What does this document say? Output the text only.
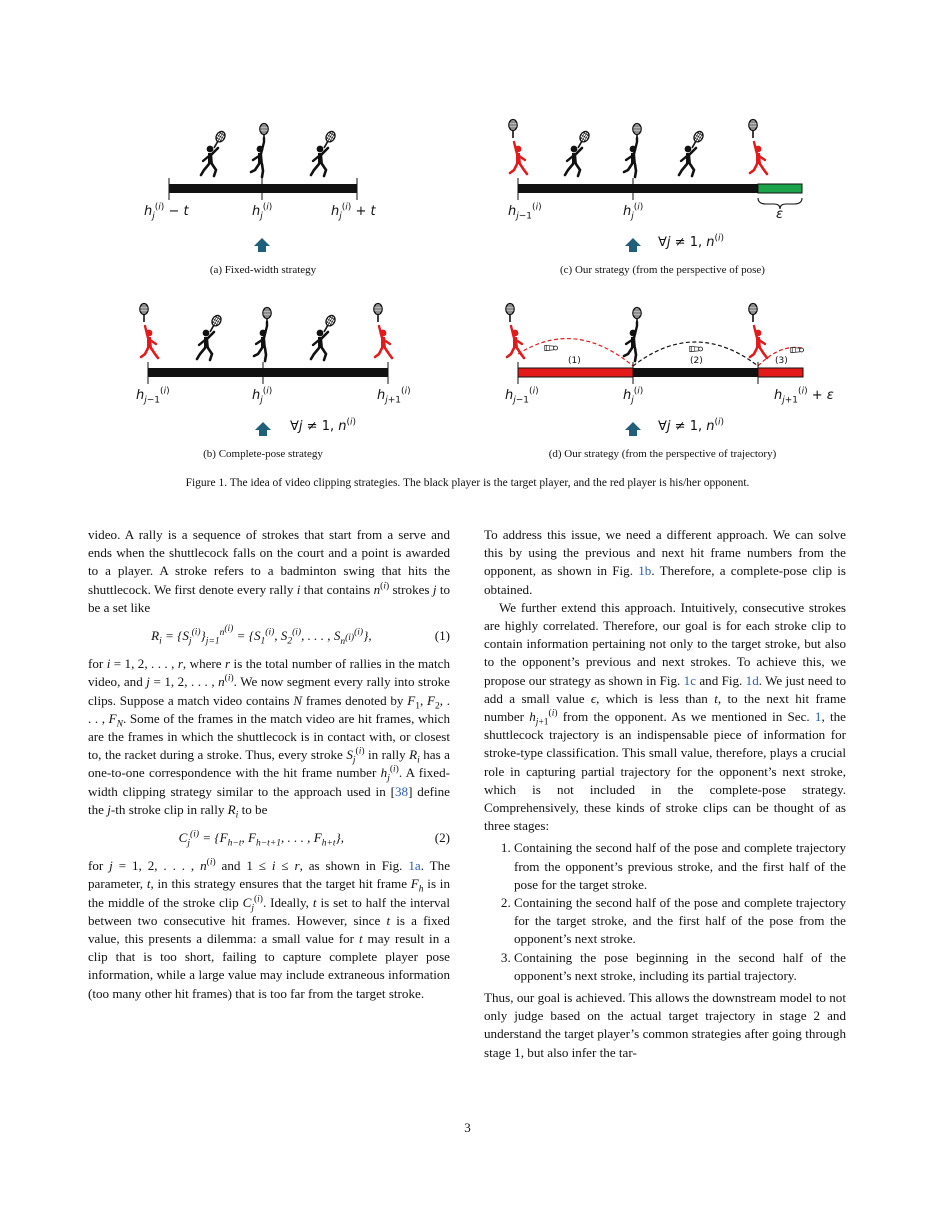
$h_j^{(i)} - t$	$h_j^{(i)}$	$h_j^{(i)} + t$
(a) Fixed-width strategy
$h_{j-1}^{(i)}$	$h_j^{(i)}$	ε
∀j ≠ 1, $n^{(i)}$
(c) Our strategy (from the perspective of pose)
$h_{j-1}^{(i)}$	$h_j^{(i)}$	$h_{j+1}^{(i)}$
∀j ≠ 1, $n^{(i)}$
(b) Complete-pose strategy
(1)	(2)	(3)
$h_{j-1}^{(i)}$	$h_j^{(i)}$	$h_{j+1}^{(i)} + \varepsilon$
∀j ≠ 1, $n^{(i)}$
(d) Our strategy (from the perspective of trajectory)
Figure 1. The idea of video clipping strategies. The black player is the target player, and the red player is his/her opponent.

video. A rally is a sequence of strokes that start from a serve and ends when the shuttlecock falls on the court and a point is awarded to a player. A stroke refers to a badminton swing that hits the shuttlecock. We first denote every rally i that contains $n^{(i)}$ strokes j to be a set like

$R_i = \{S_j^{(i)}\}_{j=1}^{n^{(i)}} = \{S_1^{(i)}$, $S_2^{(i)}$, . . . , $S_{n^{(i)}}^{(i)}$},	(1)

for i = 1, 2, . . . , r, where r is the total number of rallies in the match video, and j = 1, 2, . . . , $n^{(i)}$. We now segment every rally into stroke clips. Suppose a match video contains N frames denoted by $F_1$, $F_2$, . . . , $F_N$. Some of the frames in the match video are hit frames, which are the frames in which the shuttlecock is in contact with, or closest to, the racket during a stroke. Thus, every stroke $S_j^{(i)}$ in rally $R_i$ has a one-to-one correspondence with the hit frame number $h_j^{(i)}$. A fixed-width clipping strategy similar to the approach used in [38] define the j-th stroke clip in rally $R_i$ to be

$C_j^{(i)} = \{F_{h-t}$, $F_{h-t+1}$, . . . , $F_{h+t}$},	(2)

for j = 1, 2, . . . , $n^{(i)}$ and 1 ≤ i ≤ r, as shown in Fig. 1a. The parameter, t, in this strategy ensures that the target hit frame $F_h$ is in the middle of the stroke clip $C_j^{(i)}$. Ideally, t is set to half the interval between two consecutive hit frames. However, since t is a fixed value, this presents a dilemma: a small value for t may result in a clip that is too short, failing to capture complete player pose information, while a large value may include extraneous information (too many other hit frames) that is too far from the target stroke.

To address this issue, we need a different approach. We can solve this by using the previous and next hit frame numbers from the opponent, as shown in Fig. 1b. Therefore, a complete-pose clip is obtained.

We further extend this approach. Intuitively, consecutive strokes are highly correlated. Therefore, our goal is for each stroke clip to contain information pertaining not only to the target stroke, but also to the opponent’s previous and next strokes. To achieve this, we propose our strategy as shown in Fig. 1c and Fig. 1d. We just need to add a small value ϵ, which is less than t, to the next hit frame number $h_{j+1}^{(i)}$ from the opponent. As we mentioned in Sec. 1, the shuttlecock trajectory is an indispensable piece of information for stroke-type classification. This small value, therefore, plays a crucial role in capturing partial trajectory for the opponent’s next stroke, which is not included in the complete-pose strategy. Comprehensively, these kinds of stroke clips can be thought of as three stages:

1. Containing the second half of the pose and complete trajectory from the opponent’s previous stroke, and the first half of the pose for the target stroke.
2. Containing the second half of the pose and complete trajectory for the target stroke, and the first half of the pose from the opponent’s next stroke.
3. Containing the pose beginning in the second half of the opponent’s next stroke, including its partial trajectory.

Thus, our goal is achieved. This allows the downstream model to not only judge based on the actual target trajectory in stage 2 and understand the target player’s common strategies after going through stage 1, but also infer the tar-

3
